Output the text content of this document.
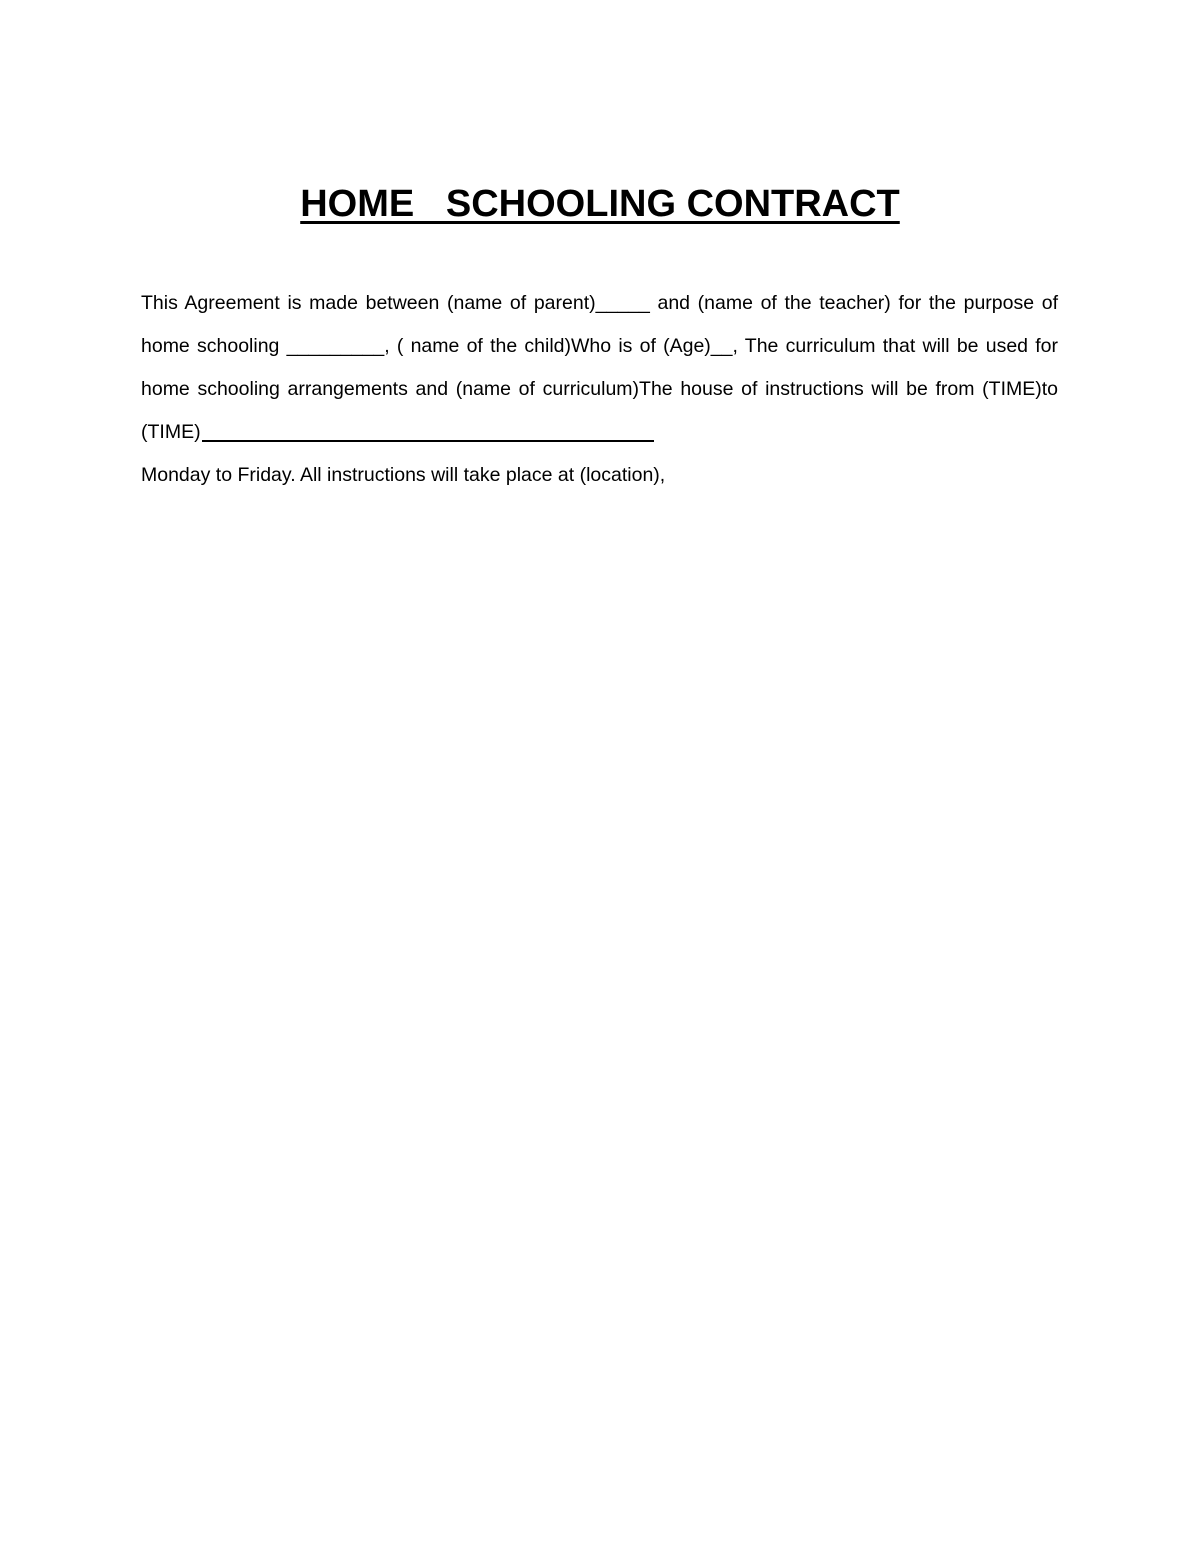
HOME   SCHOOLING CONTRACT

This Agreement is made between (name of parent)_____ and (name of the teacher) for the purpose of home schooling _________, ( name of the child)Who is of (Age)__, The curriculum that will be used for home schooling arrangements and (name of curriculum)The house of instructions will be from (TIME)to (TIME)

Monday to Friday. All instructions will take place at (location),
